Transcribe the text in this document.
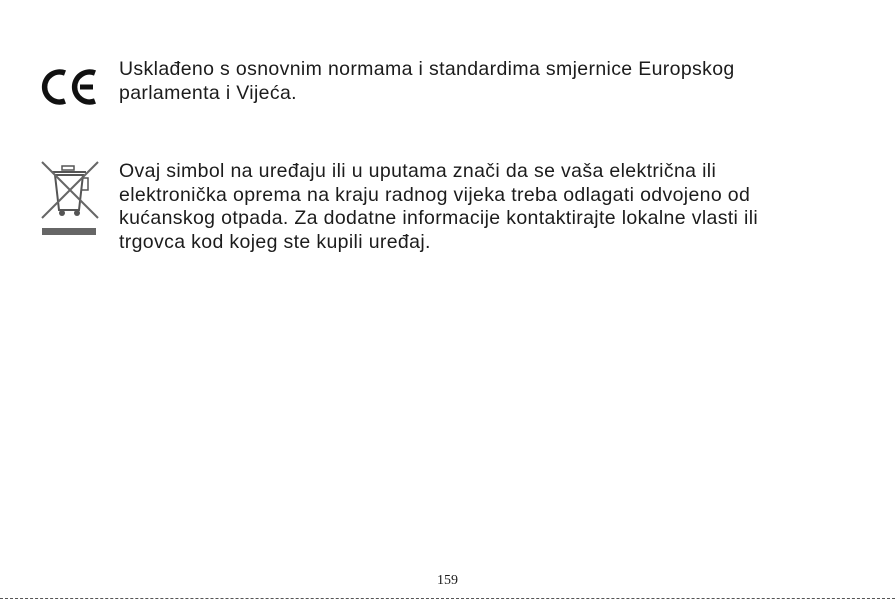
Usklađeno s osnovnim normama i standardima smjernice Europskog
parlamenta i Vijeća.
Ovaj simbol na uređaju ili u uputama znači da se vaša električna ili
elektronička oprema na kraju radnog vijeka treba odlagati odvojeno od
kućanskog otpada. Za dodatne informacije kontaktirajte lokalne vlasti ili
trgovca kod kojeg ste kupili uređaj.
159
